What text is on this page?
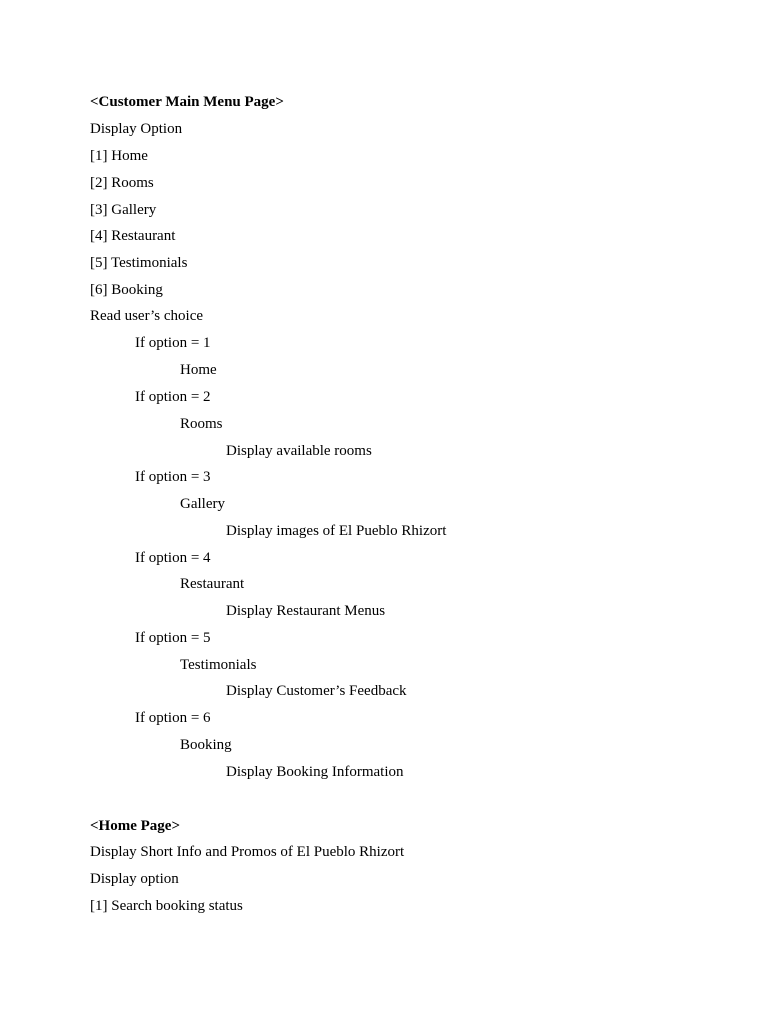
<Customer Main Menu Page>
Display Option
[1] Home
[2] Rooms
[3] Gallery
[4] Restaurant
[5] Testimonials
[6] Booking
Read user’s choice
If option = 1
Home
If option = 2
Rooms
Display available rooms
If option = 3
Gallery
Display images of El Pueblo Rhizort
If option = 4
Restaurant
Display Restaurant Menus
If option = 5
Testimonials
Display Customer’s Feedback
If option = 6
Booking
Display Booking Information
<Home Page>
Display Short Info and Promos of El Pueblo Rhizort
Display option
[1] Search booking status
